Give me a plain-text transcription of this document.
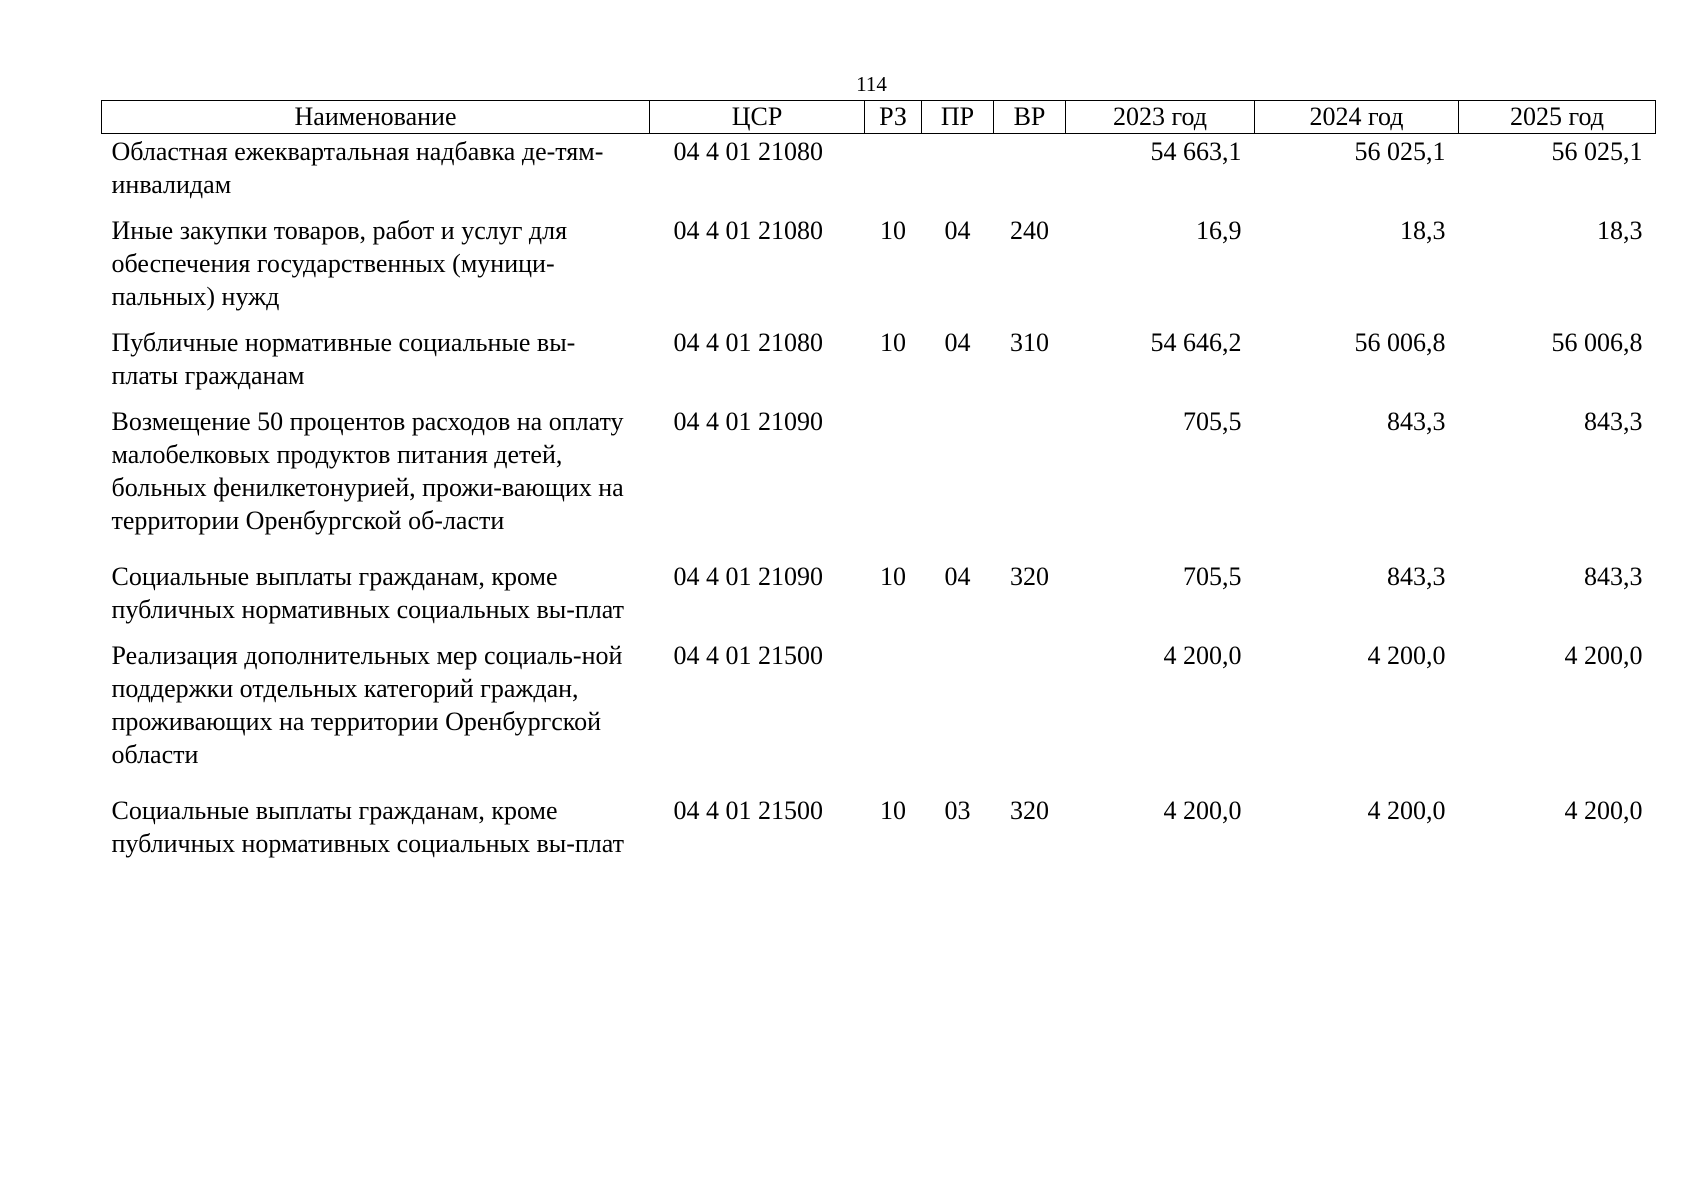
114
Наименование	ЦСР	РЗ	ПР	ВР	2023 год	2024 год	2025 год
Областная ежеквартальная надбавка де-тям-инвалидам	04 4 01 21080				54 663,1	56 025,1	56 025,1
Иные закупки товаров, работ и услуг для обеспечения государственных (муници-пальных) нужд	04 4 01 21080	10	04	240	16,9	18,3	18,3
Публичные нормативные социальные вы-платы гражданам	04 4 01 21080	10	04	310	54 646,2	56 006,8	56 006,8
Возмещение 50 процентов расходов на оплату малобелковых продуктов питания детей, больных фенилкетонурией, прожи-вающих на территории Оренбургской об-ласти	04 4 01 21090				705,5	843,3	843,3
Социальные выплаты гражданам, кроме публичных нормативных социальных вы-плат	04 4 01 21090	10	04	320	705,5	843,3	843,3
Реализация дополнительных мер социаль-ной поддержки отдельных категорий граждан, проживающих на территории Оренбургской области	04 4 01 21500				4 200,0	4 200,0	4 200,0
Социальные выплаты гражданам, кроме публичных нормативных социальных вы-плат	04 4 01 21500	10	03	320	4 200,0	4 200,0	4 200,0
